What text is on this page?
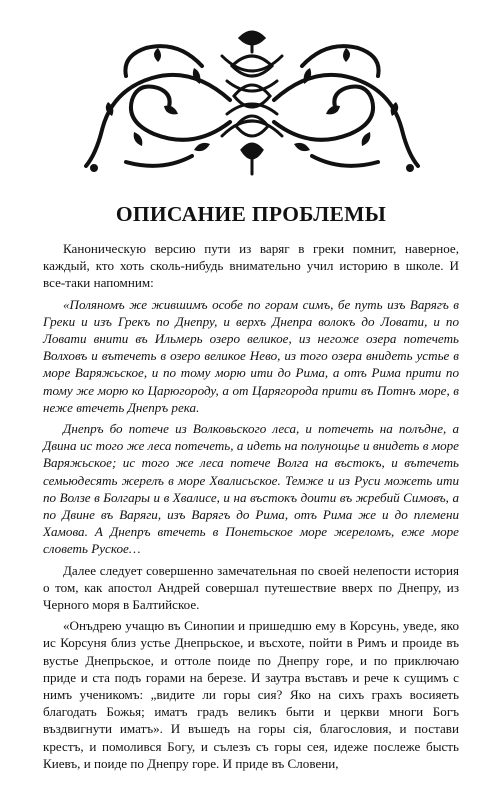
ОПИСАНИЕ ПРОБЛЕМЫ

Каноническую версию пути из варяг в греки помнит, наверное, каждый, кто хоть сколь-нибудь внимательно учил историю в школе. И все-таки напомним:

«Поляномъ же жившимъ особе по горам симъ, бе путь изъ Варягъ в Греки и изъ Грекъ по Днепру, и верхъ Днепра волокъ до Ловати, и по Ловати внити въ Ильмерь озеро великое, из негоже озера потечеть Волховъ и вътечеть в озеро великое Нево, из того озера внидеть устье в море Варяжьское, и по тому морю ити до Рима, а отъ Рима прити по тому же морю ко Царюгороду, а от Царягорода прити въ Потнъ море, в нежe втечеть Днепръ река.

Днепръ бо потече из Волковьского леса, и потечеть на полъдне, а Двина ис того же леса потечеть, а идеть на полунощье и внидеть в море Варяжьское; ис того же леса потече Волга на въстокъ, и вътечеть семьюдесять жерелъ в море Хвалисьское. Темже и из Руси можеть ити по Волзе в Болгары и в Хвалисе, и на въстокъ доити въ жребий Симовъ, а по Двине въ Варяги, изъ Варягъ до Рима, отъ Рима же и до племени Хамова. А Днепръ втечеть в Понетьское море жереломъ, еже море словеть Руское…

Далее следует совершенно замечательная по своей нелепости история о том, как апостол Андрей совершал путешествие вверх по Днепру, из Черного моря в Балтийское.

«Онъдрею учащю въ Синопии и пришедшю ему в Корсунь, уведе, яко ис Корсуня близ устье Днепрьское, и въсхоте, пойти в Римъ и проиде въ вустье Днепрьское, и оттоле поиде по Днепру горе, и по приключаю приде и ста подъ горами на березе. И заутра въставъ и рече к сущимъ с нимъ ученикомъ: „видите ли горы сия? Яко на сихъ грахъ восияеть благодать Божья; иматъ градъ великъ быти и церкви многи Богъ въздвигнути иматъ». И въшедъ на горы сія, благословия, и постави крестъ, и помолився Богу, и сълезъ съ горы сея, идеже послеже бысть Киевъ, и поиде по Днепру горе. И приде въ Словени,
